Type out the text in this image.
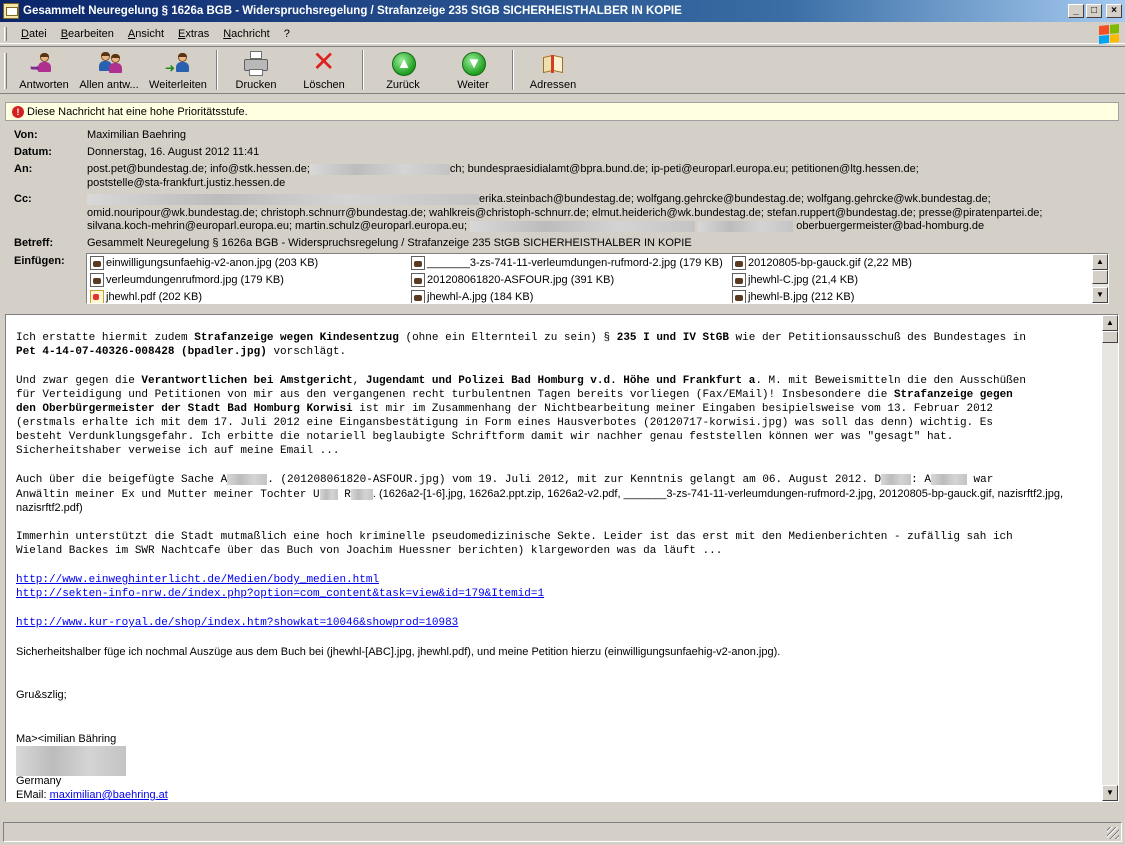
Gesammelt Neuregelung § 1626a BGB - Widerspruchsregelung / Strafanzeige 235 StGB SICHERHEISTHALBER IN KOPIE	_	□	×
Datei	Bearbeiten	Ansicht	Extras	Nachricht	?
➥
Antworten Allen antw...
➜
Weiterleiten	Drucken
✕
Löschen
▲
Zurück
▼
Weiter	Adressen
! Diese Nachricht hat eine hohe Prioritätsstufe.
Von:	Maximilian Baehring
Datum:	Donnerstag, 16. August 2012 11:41
An:	post.pet@bundestag.de; info@stk.hessen.de;	ch; bundespraesidialamt@bpra.bund.de; ip-peti@europarl.europa.eu; petitionen@ltg.hessen.de;
poststelle@sta-frankfurt.justiz.hessen.de
Cc:	erika.steinbach@bundestag.de; wolfgang.gehrcke@bundestag.de; wolfgang.gehrcke@wk.bundestag.de;
omid.nouripour@wk.bundestag.de; christoph.schnurr@bundestag.de; wahlkreis@christoph-schnurr.de; elmut.heiderich@wk.bundestag.de; stefan.ruppert@bundestag.de; presse@piratenpartei.de;
silvana.koch-mehrin@europarl.europa.eu; martin.schulz@europarl.europa.eu;	oberbuergermeister@bad-homburg.de
Betreff:	Gesammelt Neuregelung § 1626a BGB - Widerspruchsregelung / Strafanzeige 235 StGB SICHERHEISTHALBER IN KOPIE
Einfügen:	einwilligungsunfaehig-v2-anon.jpg (203 KB)	_______3-zs-741-11-verleumdungen-rufmord-2.jpg (179 KB) 20120805-bp-gauck.gif (2,22 MB)
verleumdungenrufmord.jpg (179 KB)	201208061820-ASFOUR.jpg (391 KB)	jhewhl-C.jpg (21,4 KB)
jhewhl.pdf (202 KB)	jhewhl-A.jpg (184 KB)	jhewhl-B.jpg (212 KB)
▲
▼
Ich erstatte hiermit zudem Strafanzeige wegen Kindesentzug (ohne ein Elternteil zu sein) § 235 I und IV StGB wie der Petitionsausschuß des Bundestages in
Pet 4-14-07-40326-008428 (bpadler.jpg) vorschlägt.
Und zwar gegen die Verantwortlichen bei Amstgericht, Jugendamt und Polizei Bad Homburg v.d. Höhe und Frankfurt a. M. mit Beweismitteln die den Ausschüßen
für Verteidigung und Petitionen von mir aus den vergangenen recht turbulentnen Tagen bereits vorliegen (Fax/EMail)! Insbesondere die Strafanzeige gegen
den Oberbürgermeister der Stadt Bad Homburg Korwisi ist mir im Zusammenhang der Nichtbearbeitung meiner Eingaben besipielsweise vom 13. Februar 2012
(erstmals erhalte ich mit dem 17. Juli 2012 eine Eingansbestätigung in Form eines Hausverbotes (20120717-korwisi.jpg) was soll das denn) wichtig. Es
besteht Verdunklungsgefahr. Ich erbitte die notariell beglaubigte Schriftform damit wir nachher genau feststellen können wer was "gesagt" hat.
Sicherheitshaber verweise ich auf meine Email ...
Auch über die beigefügte Sache A	. (201208061820-ASFOUR.jpg) vom 19. Juli 2012, mit zur Kenntnis gelangt am 06. August 2012. D	: A	war
Anwältin meiner Ex und Mutter meiner Tochter U R . (1626a2-[1-6].jpg, 1626a2.ppt.zip, 1626a2-v2.pdf, _______3-zs-741-11-verleumdungen-rufmord-2.jpg, 20120805-bp-gauck.gif, nazisrftf2.jpg,
nazisrftf2.pdf)
Immerhin unterstützt die Stadt mutmaßlich eine hoch kriminelle pseudomedizinische Sekte. Leider ist das erst mit den Medienberichten - zufällig sah ich
Wieland Backes im SWR Nachtcafe über das Buch von Joachim Huessner berichten) klargeworden was da läuft ...
http://www.einweghinterlicht.de/Medien/body_medien.html
http://sekten-info-nrw.de/index.php?option=com_content&task=view&id=179&Itemid=1
http://www.kur-royal.de/shop/index.htm?showkat=10046&showprod=10983
Sicherheitshalber füge ich nochmal Auszüge aus dem Buch bei (jhewhl-[ABC].jpg, jhewhl.pdf), und meine Petition hierzu (einwilligungsunfaehig-v2-anon.jpg).
Gru&szlig;
Ma><imilian Bähring
Germany
EMail: maximilian@baehring.at
▲
▼
